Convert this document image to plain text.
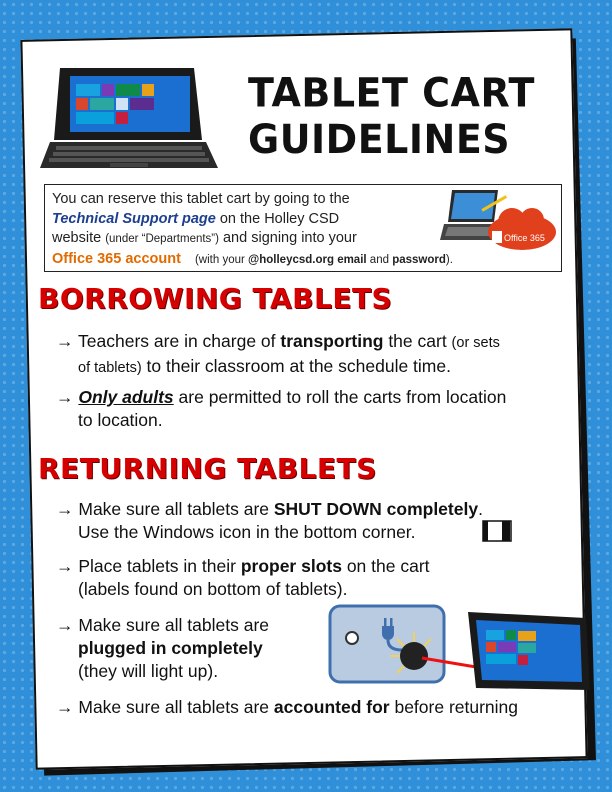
TABLET CART
GUIDELINES
You can reserve this tablet cart by going to the
Technical Support page on the Holley CSD
website (under “Departments”) and signing into your
Office 365 account (with your @holleycsd.org email and password).
Office 365
BORROWING TABLETS
→ Teachers are in charge of transporting the cart (or sets
of tablets) to their classroom at the schedule time.
→ Only adults are permitted to roll the carts from location
to location.
RETURNING TABLETS
→ Make sure all tablets are SHUT DOWN completely.
Use the Windows icon in the bottom corner.
→ Place tablets in their proper slots on the cart
(labels found on bottom of tablets).
→ Make sure all tablets are
plugged in completely
(they will light up).
→ Make sure all tablets are accounted for before returning
